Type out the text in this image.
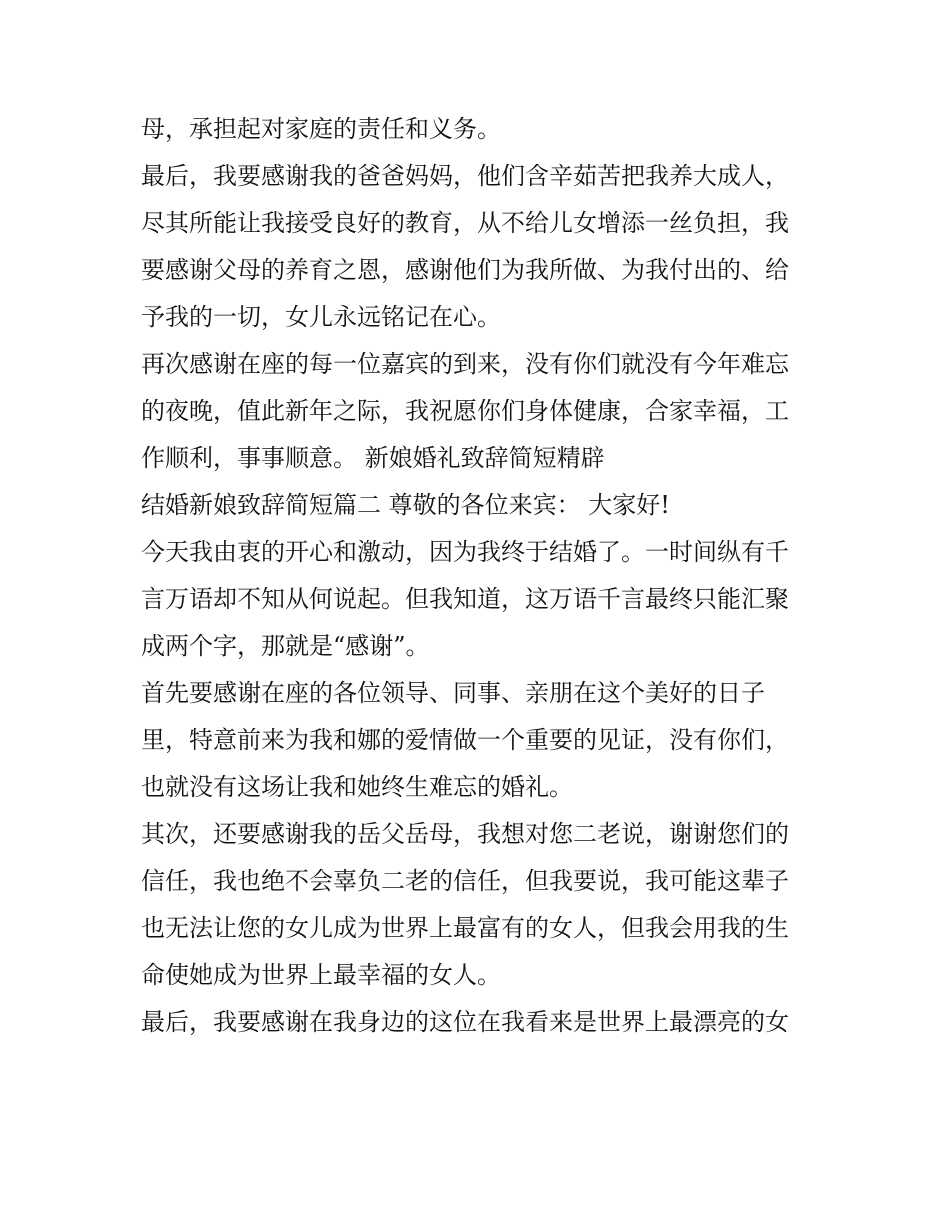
母，承担起对家庭的责任和义务。
最后，我要感谢我的爸爸妈妈，他们含辛茹苦把我养大成人，
尽其所能让我接受良好的教育，从不给儿女增添一丝负担，我
要感谢父母的养育之恩，感谢他们为我所做、为我付出的、给
予我的一切，女儿永远铭记在心。
再次感谢在座的每一位嘉宾的到来，没有你们就没有今年难忘
的夜晚，值此新年之际，我祝愿你们身体健康，合家幸福，工
作顺利，事事顺意。 新娘婚礼致辞简短精辟
结婚新娘致辞简短篇二 尊敬的各位来宾： 大家好!
今天我由衷的开心和激动，因为我终于结婚了。一时间纵有千
言万语却不知从何说起。但我知道，这万语千言最终只能汇聚
成两个字，那就是“感谢”。
首先要感谢在座的各位领导、同事、亲朋在这个美好的日子
里，特意前来为我和娜的爱情做一个重要的见证，没有你们，
也就没有这场让我和她终生难忘的婚礼。
其次，还要感谢我的岳父岳母，我想对您二老说，谢谢您们的
信任，我也绝不会辜负二老的信任，但我要说，我可能这辈子
也无法让您的女儿成为世界上最富有的女人，但我会用我的生
命使她成为世界上最幸福的女人。
最后，我要感谢在我身边的这位在我看来是世界上最漂亮的女
